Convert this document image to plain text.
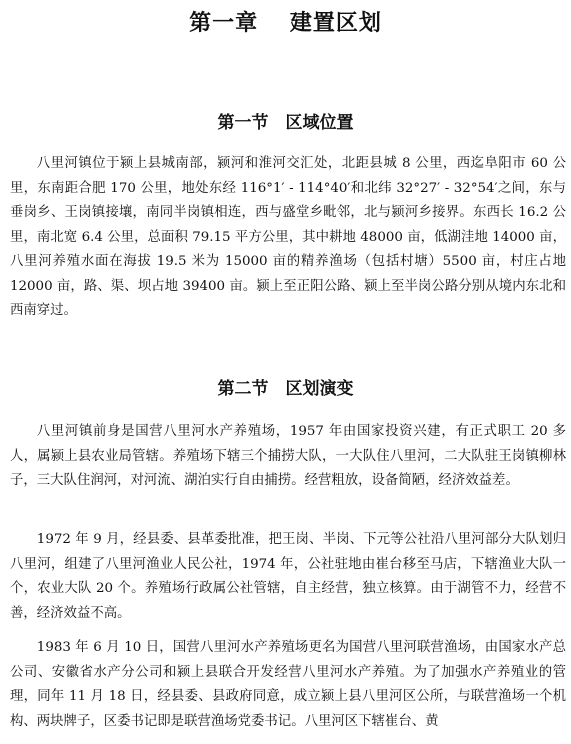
第一章　 建置区划
第一节　区域位置

八里河镇位于颍上县城南部，颍河和淮河交汇处，北距县城 8 公里，西迄阜阳市 60 公里，东南距合肥 170 公里，地处东经 116°1′ - 114°40′和北纬 32°27′ - 32°54′之间，东与垂岗乡、王岗镇接壤，南同半岗镇相连，西与盛堂乡毗邻，北与颍河乡接界。东西长 16.2 公里，南北宽 6.4 公里，总面积 79.15 平方公里，其中耕地 48000 亩，低湖洼地 14000 亩，八里河养殖水面在海拔 19.5 米为 15000 亩的精养渔场（包括村塘）5500 亩，村庄占地 12000 亩，路、渠、坝占地 39400 亩。颍上至正阳公路、颍上至半岗公路分别从境内东北和西南穿过。

第二节　区划演变

八里河镇前身是国营八里河水产养殖场，1957 年由国家投资兴建，有正式职工 20 多人，属颍上县农业局管辖。养殖场下辖三个捕捞大队，一大队住八里河，二大队驻王岗镇柳林子，三大队住润河，对河流、湖泊实行自由捕捞。经营粗放，设备简陋，经济效益差。

1972 年 9 月，经县委、县革委批准，把王岗、半岗、下元等公社沿八里河部分大队划归八里河，组建了八里河渔业人民公社，1974 年，公社驻地由崔台移至马店，下辖渔业大队一个，农业大队 20 个。养殖场行政属公社管辖，自主经营，独立核算。由于湖管不力，经营不善，经济效益不高。

1983 年 6 月 10 日，国营八里河水产养殖场更名为国营八里河联营渔场，由国家水产总公司、安徽省水产分公司和颍上县联合开发经营八里河水产养殖。为了加强水产养殖业的管理，同年 11 月 18 日，经县委、县政府同意，成立颍上县八里河区公所，与联营渔场一个机构、两块牌子，区委书记即是联营渔场党委书记。八里河区下辖崔台、黄
